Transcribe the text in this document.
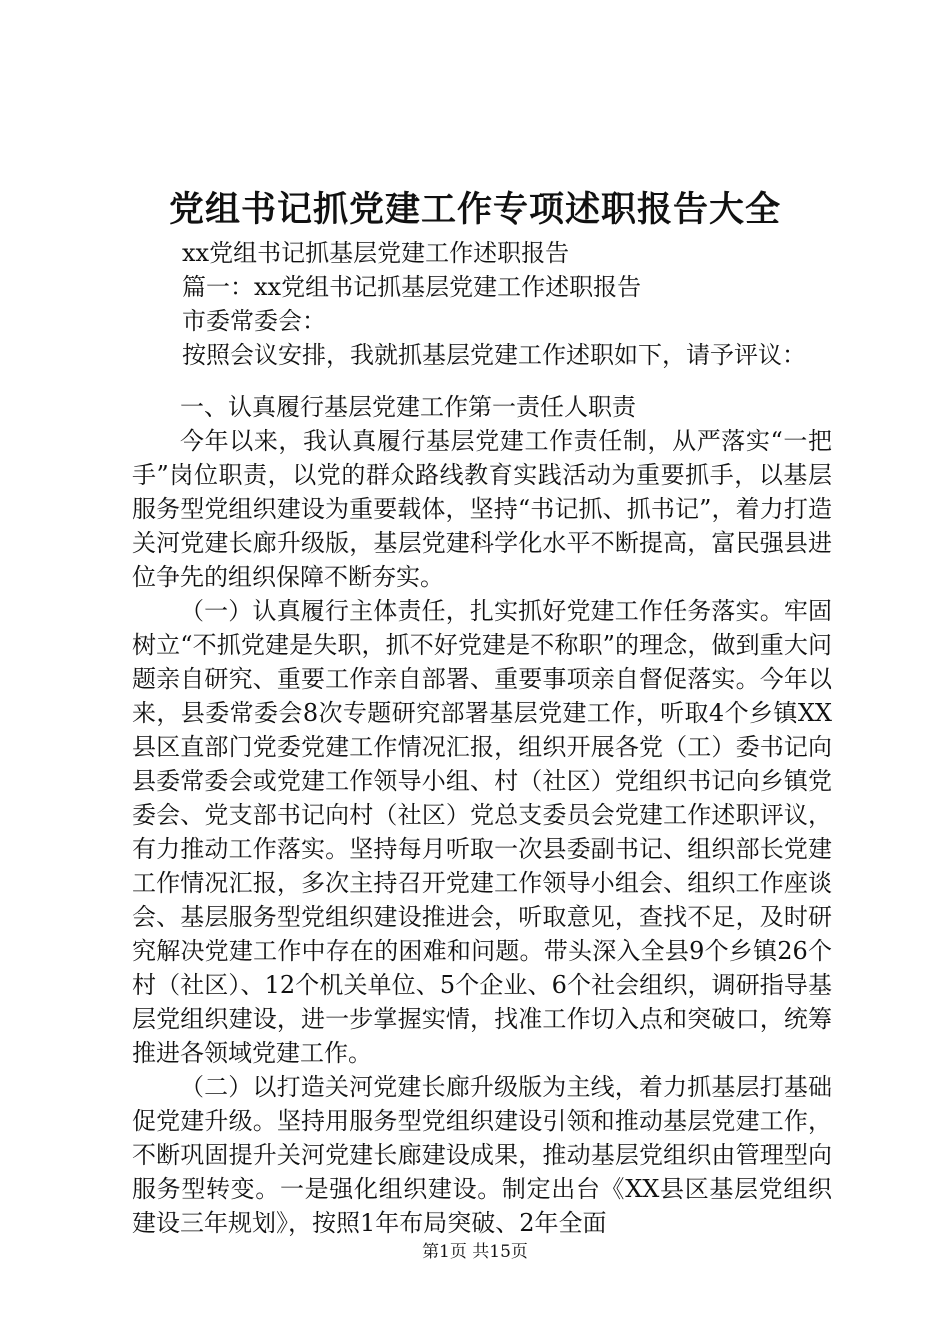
党组书记抓党建工作专项述职报告大全

xx党组书记抓基层党建工作述职报告

篇一：xx党组书记抓基层党建工作述职报告

市委常委会：

按照会议安排，我就抓基层党建工作述职如下，请予评议：

一、认真履行基层党建工作第一责任人职责

今年以来，我认真履行基层党建工作责任制，从严落实“一把手”岗位职责，以党的群众路线教育实践活动为重要抓手，以基层服务型党组织建设为重要载体，坚持“书记抓、抓书记”，着力打造关河党建长廊升级版，基层党建科学化水平不断提高，富民强县进位争先的组织保障不断夯实。

（一）认真履行主体责任，扎实抓好党建工作任务落实。牢固树立“不抓党建是失职，抓不好党建是不称职”的理念，做到重大问题亲自研究、重要工作亲自部署、重要事项亲自督促落实。今年以来，县委常委会8次专题研究部署基层党建工作，听取4个乡镇XX县区直部门党委党建工作情况汇报，组织开展各党（工）委书记向县委常委会或党建工作领导小组、村（社区）党组织书记向乡镇党委会、党支部书记向村（社区）党总支委员会党建工作述职评议，有力推动工作落实。坚持每月听取一次县委副书记、组织部长党建工作情况汇报，多次主持召开党建工作领导小组会、组织工作座谈会、基层服务型党组织建设推进会，听取意见，查找不足，及时研究解决党建工作中存在的困难和问题。带头深入全县9个乡镇26个村（社区）、12个机关单位、5个企业、6个社会组织，调研指导基层党组织建设，进一步掌握实情，找准工作切入点和突破口，统筹推进各领域党建工作。

（二）以打造关河党建长廊升级版为主线，着力抓基层打基础促党建升级。坚持用服务型党组织建设引领和推动基层党建工作，不断巩固提升关河党建长廊建设成果，推动基层党组织由管理型向服务型转变。一是强化组织建设。制定出台《XX县区基层党组织建设三年规划》，按照1年布局突破、2年全面

第1页 共15页
